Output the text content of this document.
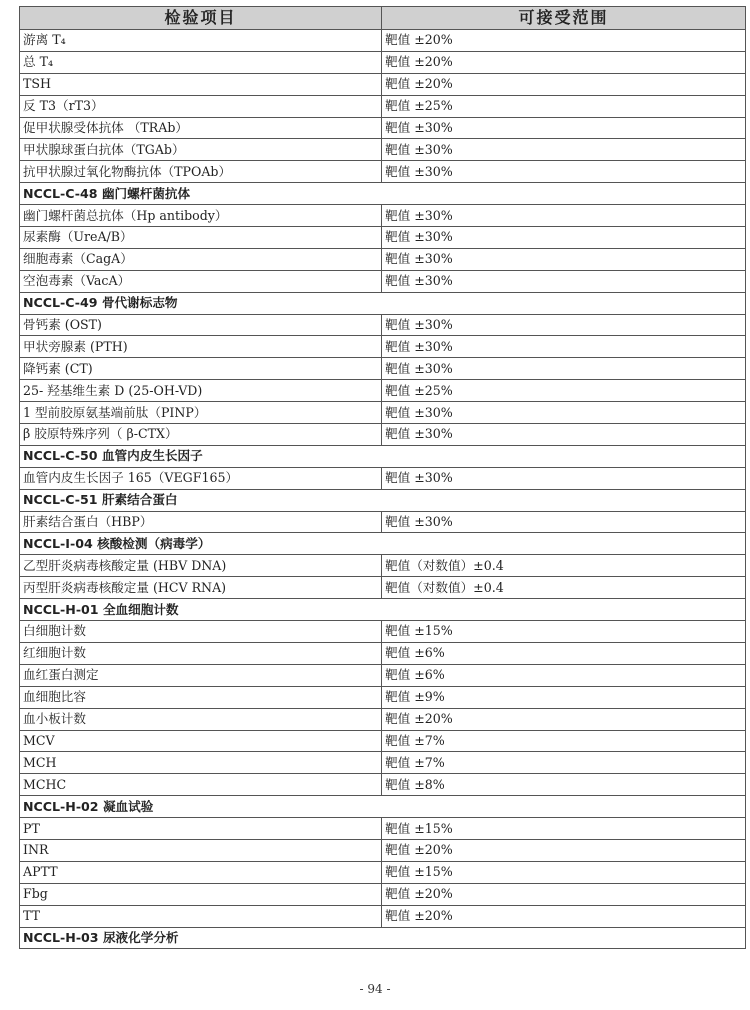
检验项目	可接受范围
游离 T₄	靶值 ±20%
总 T₄	靶值 ±20%
TSH	靶值 ±20%
反 T3（rT3）	靶值 ±25%
促甲状腺受体抗体 （TRAb）	靶值 ±30%
甲状腺球蛋白抗体（TGAb）	靶值 ±30%
抗甲状腺过氧化物酶抗体（TPOAb）	靶值 ±30%
NCCL-C-48 幽门螺杆菌抗体	
幽门螺杆菌总抗体（Hp antibody）	靶值 ±30%
尿素酶（UreA/B）	靶值 ±30%
细胞毒素（CagA）	靶值 ±30%
空泡毒素（VacA）	靶值 ±30%
NCCL-C-49 骨代谢标志物	
骨钙素 (OST)	靶值 ±30%
甲状旁腺素 (PTH)	靶值 ±30%
降钙素 (CT)	靶值 ±30%
25- 羟基维生素 D (25-OH-VD)	靶值 ±25%
1 型前胶原氨基端前肽（PINP）	靶值 ±30%
β 胶原特殊序列（ β-CTX）	靶值 ±30%
NCCL-C-50 血管内皮生长因子	
血管内皮生长因子 165（VEGF165）	靶值 ±30%
NCCL-C-51 肝素结合蛋白	
肝素结合蛋白（HBP）	靶值 ±30%
NCCL-I-04 核酸检测（病毒学）	
乙型肝炎病毒核酸定量 (HBV DNA)	靶值（对数值）±0.4
丙型肝炎病毒核酸定量 (HCV RNA)	靶值（对数值）±0.4
NCCL-H-01 全血细胞计数	
白细胞计数	靶值 ±15%
红细胞计数	靶值 ±6%
血红蛋白测定	靶值 ±6%
血细胞比容	靶值 ±9%
血小板计数	靶值 ±20%
MCV	靶值 ±7%
MCH	靶值 ±7%
MCHC	靶值 ±8%
NCCL-H-02 凝血试验	
PT	靶值 ±15%
INR	靶值 ±20%
APTT	靶值 ±15%
Fbg	靶值 ±20%
TT	靶值 ±20%
NCCL-H-03 尿液化学分析	
- 94 -
